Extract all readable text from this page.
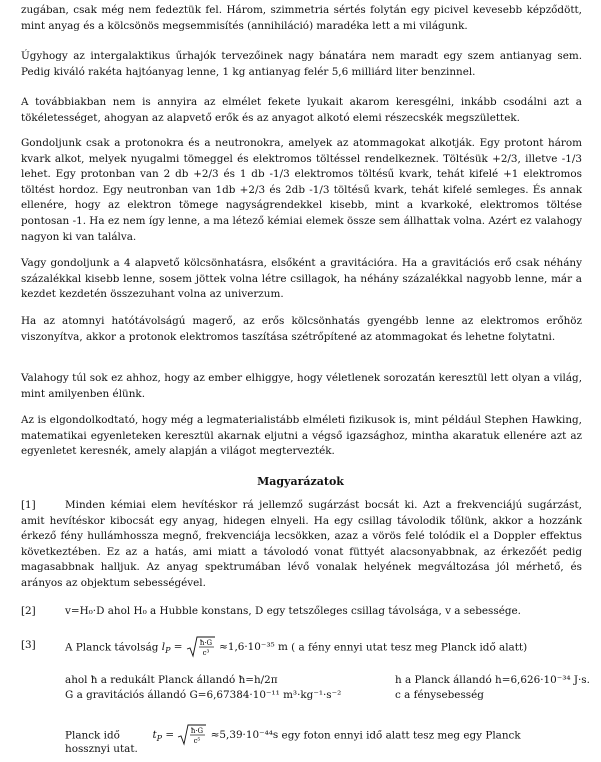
zugában, csak még nem fedeztük fel. Három, szimmetria sértés folytán egy picivel kevesebb képződött, mint anyag és a kölcsönös megsemmisítés (annihiláció) maradéka lett a mi világunk.

Úgyhogy az intergalaktikus űrhajók tervezőinek nagy bánatára nem maradt egy szem antianyag sem. Pedig kiváló rakéta hajtóanyag lenne, 1 kg antianyag felér 5,6 milliárd liter benzinnel.

A továbbiakban nem is annyira az elmélet fekete lyukait akarom keresgélni, inkább csodálni azt a tökéletességet, ahogyan az alapvető erők és az anyagot alkotó elemi részecskék megszülettek.

Gondoljunk csak a protonokra és a neutronokra, amelyek az atommagokat alkotják. Egy protont három kvark alkot, melyek nyugalmi tömeggel és elektromos töltéssel rendelkeznek. Töltésük +2/3, illetve -1/3 lehet. Egy protonban van 2 db +2/3 és 1 db -1/3 elektromos töltésű kvark, tehát kifelé +1 elektromos töltést hordoz. Egy neutronban van 1db +2/3 és 2db -1/3 töltésű kvark, tehát kifelé semleges. És annak ellenére, hogy az elektron tömege nagyságrendekkel kisebb, mint a kvarkoké, elektromos töltése pontosan -1. Ha ez nem így lenne, a ma létező kémiai elemek össze sem állhattak volna. Azért ez valahogy nagyon ki van találva.

Vagy gondoljunk a 4 alapvető kölcsönhatásra, elsőként a gravitációra. Ha a gravitációs erő csak néhány százalékkal kisebb lenne, sosem jöttek volna létre csillagok, ha néhány százalékkal nagyobb lenne, már a kezdet kezdetén összezuhant volna az univerzum.

Ha az atomnyi hatótávolságú magerő, az erős kölcsönhatás gyengébb lenne az elektromos erőhöz viszonyítva, akkor a protonok elektromos taszítása szétrőpítené az atommagokat és lehetne folytatni.

Valahogy túl sok ez ahhoz, hogy az ember elhiggye, hogy véletlenek sorozatán keresztül lett olyan a világ, mint amilyenben élünk.

Az is elgondolkodtató, hogy még a legmaterialistább elméleti fizikusok is, mint például Stephen Hawking, matematikai egyenleteken keresztül akarnak eljutni a végső igazsághoz, mintha akaratuk ellenére azt az egyenletet keresnék, amely alapján a világot megtervezték.

Magyarázatok

[1]	Minden kémiai elem hevítéskor rá jellemző sugárzást bocsát ki. Azt a frekvenciájú sugárzást, amit hevítéskor kibocsát egy anyag, hidegen elnyeli. Ha egy csillag távolodik tőlünk, akkor a hozzánk érkező fény hullámhossza megnő, frekvenciája lecsökken, azaz a vörös felé tolódik el a Doppler effektus következtében. Ez az a hatás, ami miatt a távolodó vonat füttyét alacsonyabbnak, az érkezőét pedig magasabbnak halljuk. Az anyag spektrumában lévő vonalak helyének megváltozása jól mérhető, és arányos az objektum sebességével.

[2]	v=H₀·D ahol H₀ a Hubble konstans, D egy tetszőleges csillag távolsága, v a sebessége.

[3]	A Planck távolság $l_P$ = ħ·G
c³ ≈1,6·10⁻³⁵ m ( a fény ennyi utat tesz meg Planck idő alatt)
ahol ħ a redukált Planck állandó ħ=h/2π	h a Planck állandó h=6,626·10⁻³⁴ J·s.
G a gravitációs állandó G=6,67384·10⁻¹¹ m³·kg⁻¹·s⁻²	c a fénysebesség
Planck idő	$t_P$ = ħ·G
c⁵ ≈5,39·10⁻⁴⁴s egy foton ennyi idő alatt tesz meg egy Planck
hossznyi utat.
